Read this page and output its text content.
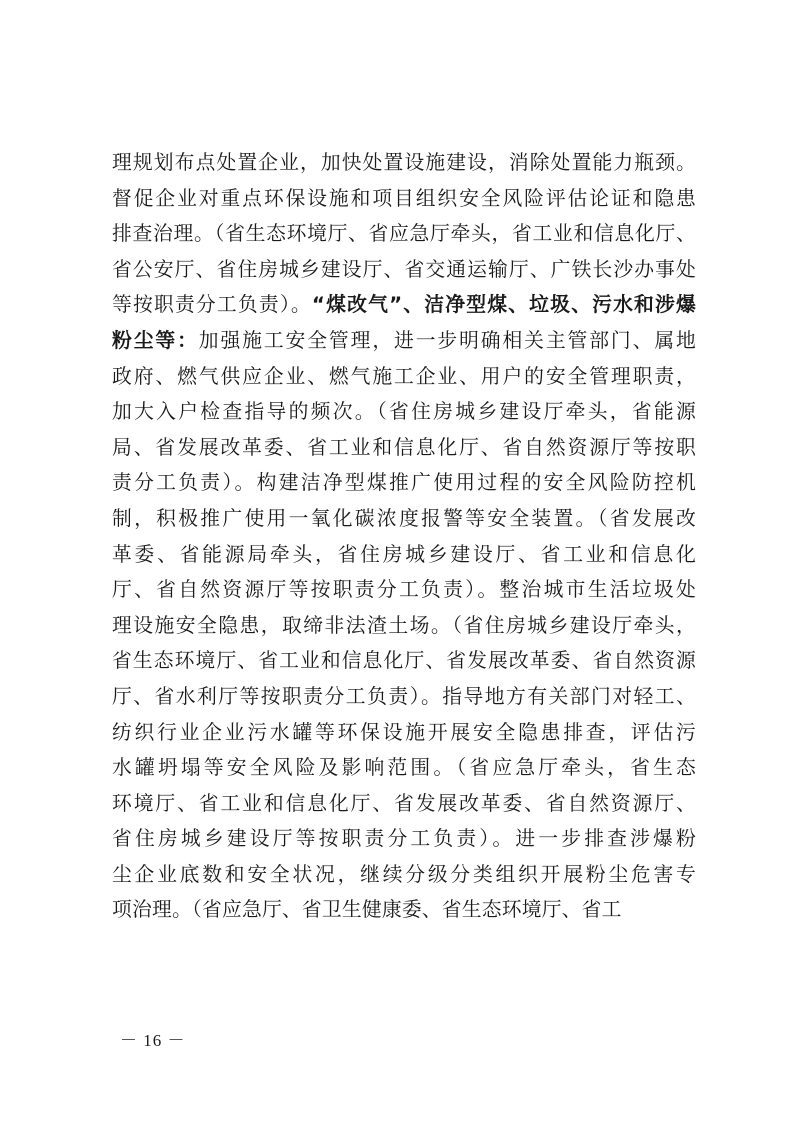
理规划布点处置企业，加快处置设施建设，消除处置能力瓶颈。
督促企业对重点环保设施和项目组织安全风险评估论证和隐患
排查治理。（省生态环境厅、省应急厅牵头，省工业和信息化厅、
省公安厅、省住房城乡建设厅、省交通运输厅、广铁长沙办事处
等按职责分工负责）。“煤改气”、洁净型煤、垃圾、污水和涉爆
粉尘等：加强施工安全管理，进一步明确相关主管部门、属地
政府、燃气供应企业、燃气施工企业、用户的安全管理职责，
加大入户检查指导的频次。（省住房城乡建设厅牵头，省能源
局、省发展改革委、省工业和信息化厅、省自然资源厅等按职
责分工负责）。构建洁净型煤推广使用过程的安全风险防控机
制，积极推广使用一氧化碳浓度报警等安全装置。（省发展改
革委、省能源局牵头，省住房城乡建设厅、省工业和信息化
厅、省自然资源厅等按职责分工负责）。整治城市生活垃圾处
理设施安全隐患，取缔非法渣土场。（省住房城乡建设厅牵头，
省生态环境厅、省工业和信息化厅、省发展改革委、省自然资源
厅、省水利厅等按职责分工负责）。指导地方有关部门对轻工、
纺织行业企业污水罐等环保设施开展安全隐患排查，评估污
水罐坍塌等安全风险及影响范围。（省应急厅牵头，省生态
环境厅、省工业和信息化厅、省发展改革委、省自然资源厅、
省住房城乡建设厅等按职责分工负责）。进一步排查涉爆粉
尘企业底数和安全状况，继续分级分类组织开展粉尘危害专
项治理。（省应急厅、省卫生健康委、省生态环境厅、省工
－ 16 －
